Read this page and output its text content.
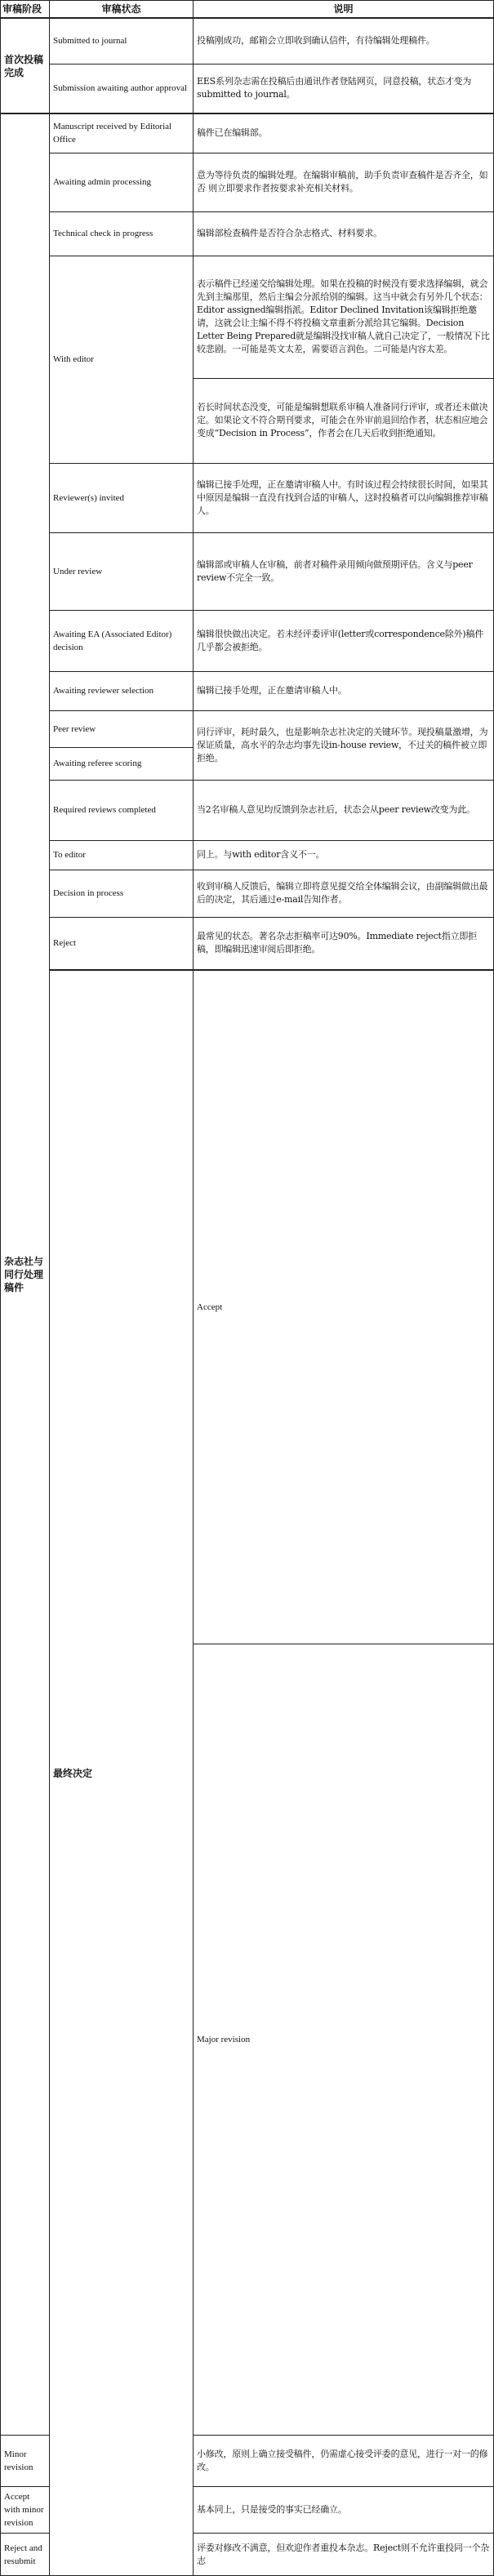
审稿阶段	审稿状态	说明	
首次投稿完成	Submitted to journal	投稿刚成功，邮箱会立即收到确认信件，有待编辑处理稿件。	
	Submission awaiting author approval	EES系列杂志需在投稿后由通讯作者登陆网页，同意投稿，状态才变为submitted to journal。	
杂志社与同行处理稿件	Manuscript received by Editorial Office	稿件已在编辑部。	
	Awaiting admin processing	意为等待负责的编辑处理。在编辑审稿前，助手负责审查稿件是否齐全，如否 则立即要求作者按要求补充相关材料。	
	Technical check in progress	编辑部检查稿件是否符合杂志格式、材料要求。	
	With editor	表示稿件已经递交给编辑处理。如果在投稿的时候没有要求选择编辑，就会先到主编那里，然后主编会分派给别的编辑。这当中就会有另外几个状态：Editor assigned编辑指派。Editor Declined Invitation该编辑拒绝邀请，这就会让主编不得不将投稿文章重新分派给其它编辑。Decision Letter Being Prepared就是编辑没找审稿人就自己决定了，一般情况下比较悲剧。一可能是英文太差，需要语言润色。二可能是内容太差。	
		若长时间状态没变，可能是编辑想联系审稿人准备同行评审，或者还未做决定。如果论文不符合期刊要求，可能会在外审前退回给作者，状态相应地会变成“Decision in Process”，作者会在几天后收到拒绝通知。	
	Reviewer(s) invited	编辑已接手处理，正在邀请审稿人中。有时该过程会持续很长时间，如果其中原因是编辑一直没有找到合适的审稿人，这时投稿者可以向编辑推荐审稿人。	
	Under review	编辑部或审稿人在审稿，前者对稿件录用倾向做预期评估。含义与peer review不完全一致。	
	Awaiting EA (Associated Editor) decision	编辑很快做出决定。若未经评委评审(letter或correspondence除外)稿件几乎都会被拒绝。	
	Awaiting reviewer selection	编辑已接手处理，正在邀请审稿人中。	
	Peer review	同行评审，耗时最久，也是影响杂志社决定的关键环节。现投稿量激增，为保证质量，高水平的杂志均事先设in-house review，不过关的稿件被立即拒绝。	
	Awaiting referee scoring		
	Required reviews completed	当2名审稿人意见均反馈到杂志社后，状态会从peer review改变为此。	
	To editor	同上。与with editor含义不一。	
	Decision in process	收到审稿人反馈后，编辑立即将意见提交给全体编辑会议，由副编辑做出最后的决定，其后通过e-mail告知作者。	
	Reject	最常见的状态。著名杂志拒稿率可达90%。Immediate reject指立即拒稿，即编辑迅速审阅后即拒绝。	
	最终决定	Accept	
		Major revision	
Minor revision		小修改，原则上确立接受稿件，仍需虚心接受评委的意见，进行一对一的修改。	
Accept with minor revision		基本同上，只是接受的事实已经确立。	
Reject and resubmit		评委对修改不满意，但欢迎作者重投本杂志。Reject则不允许重投同一个杂志	
